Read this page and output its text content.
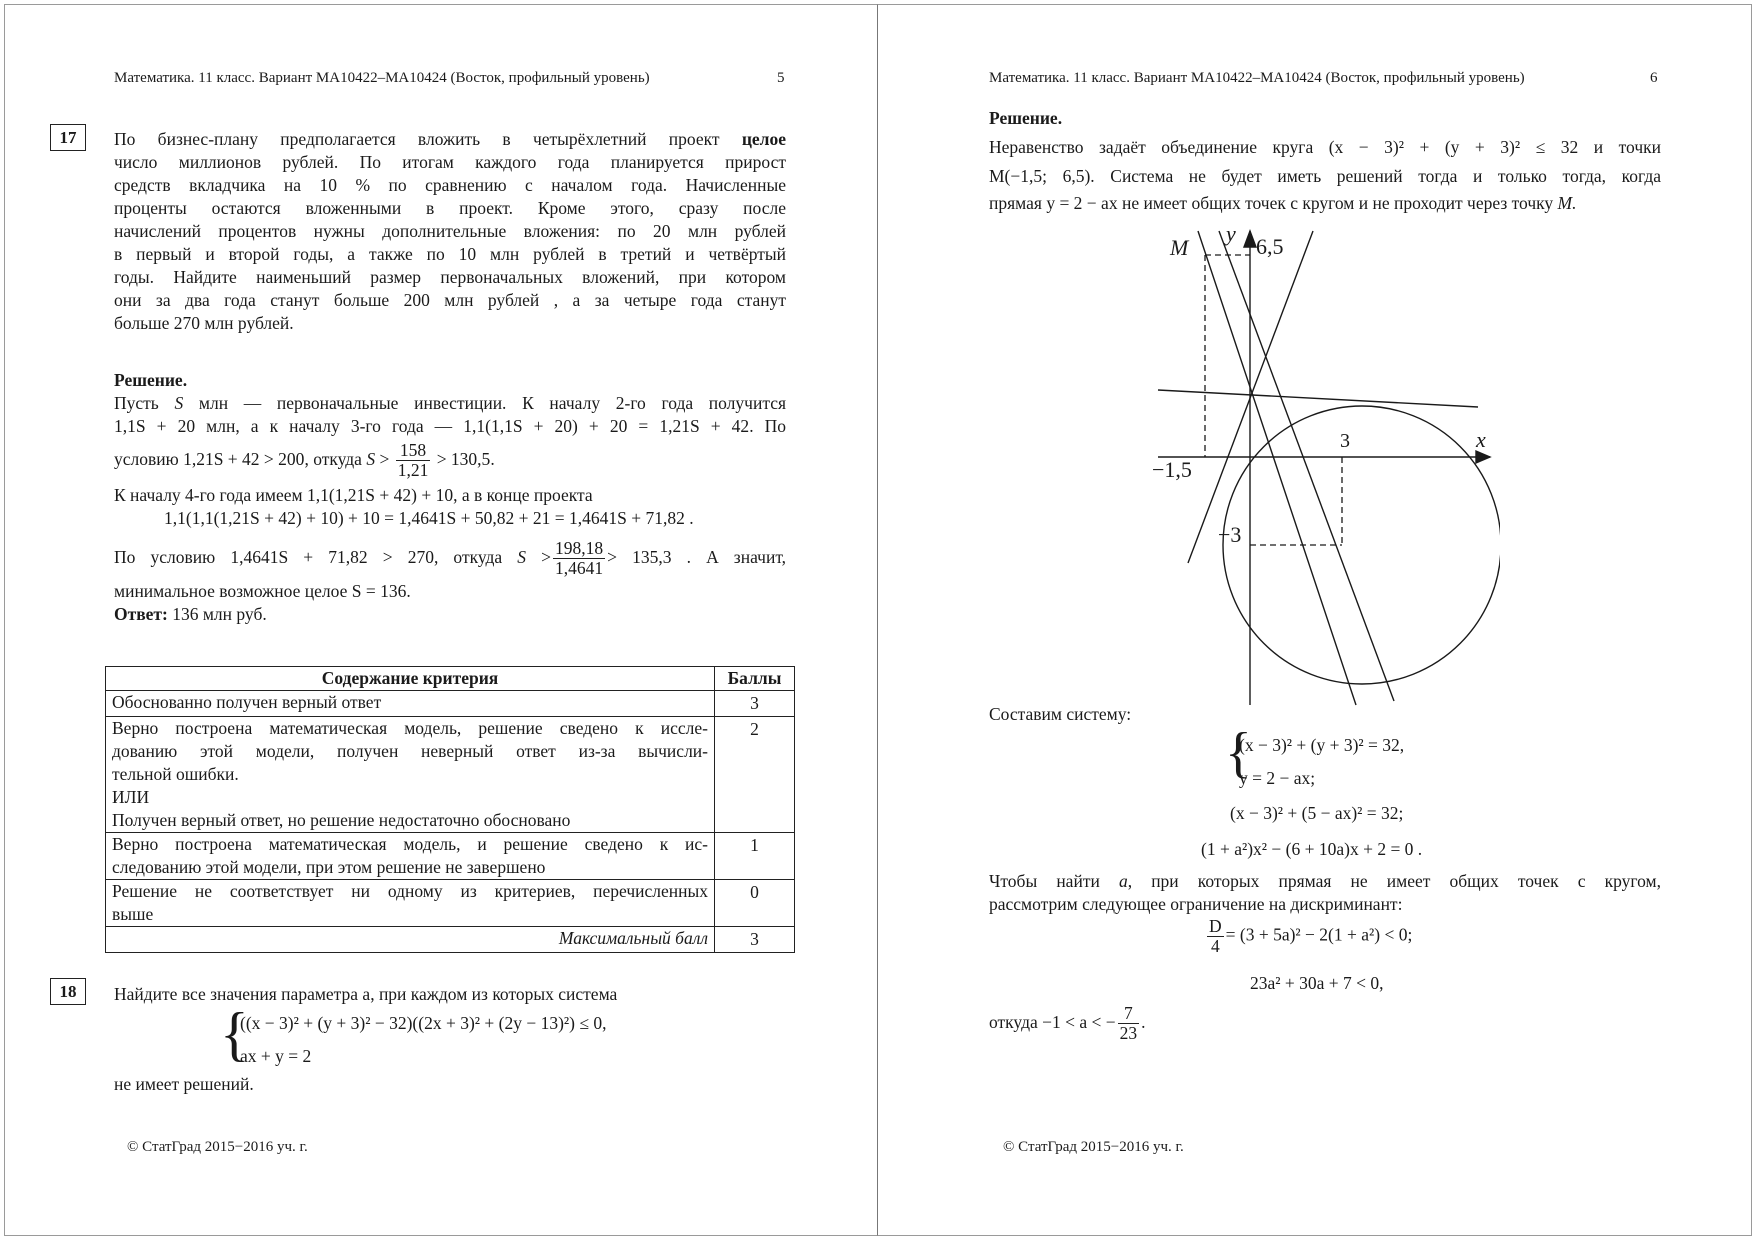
Математика. 11 класс. Вариант МА10422–МА10424 (Восток, профильный уровень)	5
17	По бизнес-плану предполагается вложить в четырёхлетний проект целое
число миллионов рублей. По итогам каждого года планируется прирост
средств вкладчика на 10 % по сравнению с началом года. Начисленные
проценты остаются вложенными в проект. Кроме этого, сразу после
начислений процентов нужны дополнительные вложения: по 20 млн рублей
в первый и второй годы, а также по 10 млн рублей в третий и четвёртый
годы. Найдите наименьший размер первоначальных вложений, при котором
они за два года станут больше 200 млн рублей , а за четыре года станут
больше 270 млн рублей.
Решение.
Пусть S млн — первоначальные инвестиции. К началу 2-го года получится
1,1S + 20 млн, а к началу 3-го года — 1,1(1,1S + 20) + 20 = 1,21S + 42. По
условию 1,21S + 42 > 200, откуда $S > \frac{158}{1,21} > 130,5$.
К началу 4-го года имеем 1,1(1,21S + 42) + 10, а в конце проекта
1,1(1,1(1,21S + 42) + 10) + 10 = 1,4641S + 50,82 + 21 = 1,4641S + 71,82 .
По условию 1,4641S + 71,82 > 270, откуда $S > \frac{198,18}{1,4641} > 135,3$ . А значит,
минимальное возможное целое S = 136.
Ответ: 136 млн руб.
Содержание критерия	Баллы

Обоснованно получен верный ответ	3

Верно построена математическая модель, решение сведено к иссле-
дованию этой модели, получен неверный ответ из-за вычисли-
тельной ошибки.
ИЛИ
Получен верный ответ, но решение недостаточно обосновано	2

Верно построена математическая модель, и решение сведено к ис-
следованию этой модели, при этом решение не завершено	1

Решение не соответствует ни одному из критериев, перечисленных
выше	0
Максимальный балл	3
18	Найдите все значения параметра a, при каждом из которых система
{
((x − 3)² + (y + 3)² − 32)((2x + 3)² + (2y − 13)²) ≤ 0,
ax + y = 2
не имеет решений.
© СтатГрад 2015−2016 уч. г.
Математика. 11 класс. Вариант МА10422–МА10424 (Восток, профильный уровень)	6
Решение.
Неравенство задаёт объединение круга (x − 3)² + (y + 3)² ≤ 32 и точки
M(−1,5; 6,5). Система не будет иметь решений тогда и только тогда, когда
прямая y = 2 − ax не имеет общих точек с кругом и не проходит через точку M.
M
y
6,5
3	x
−1,5
−3
Составим систему:
{
(x − 3)² + (y + 3)² = 32,
y = 2 − ax;
(x − 3)² + (5 − ax)² = 32;
(1 + a²)x² − (6 + 10a)x + 2 = 0 .
Чтобы найти a, при которых прямая не имеет общих точек с кругом,
рассмотрим следующее ограничение на дискриминант:
$\frac{D}{4} = (3 + 5a)^2 - 2(1 + a^2) < 0$;
23a² + 30a + 7 < 0,
откуда −1 < a < − $\frac{7}{23}$ .
© СтатГрад 2015−2016 уч. г.
